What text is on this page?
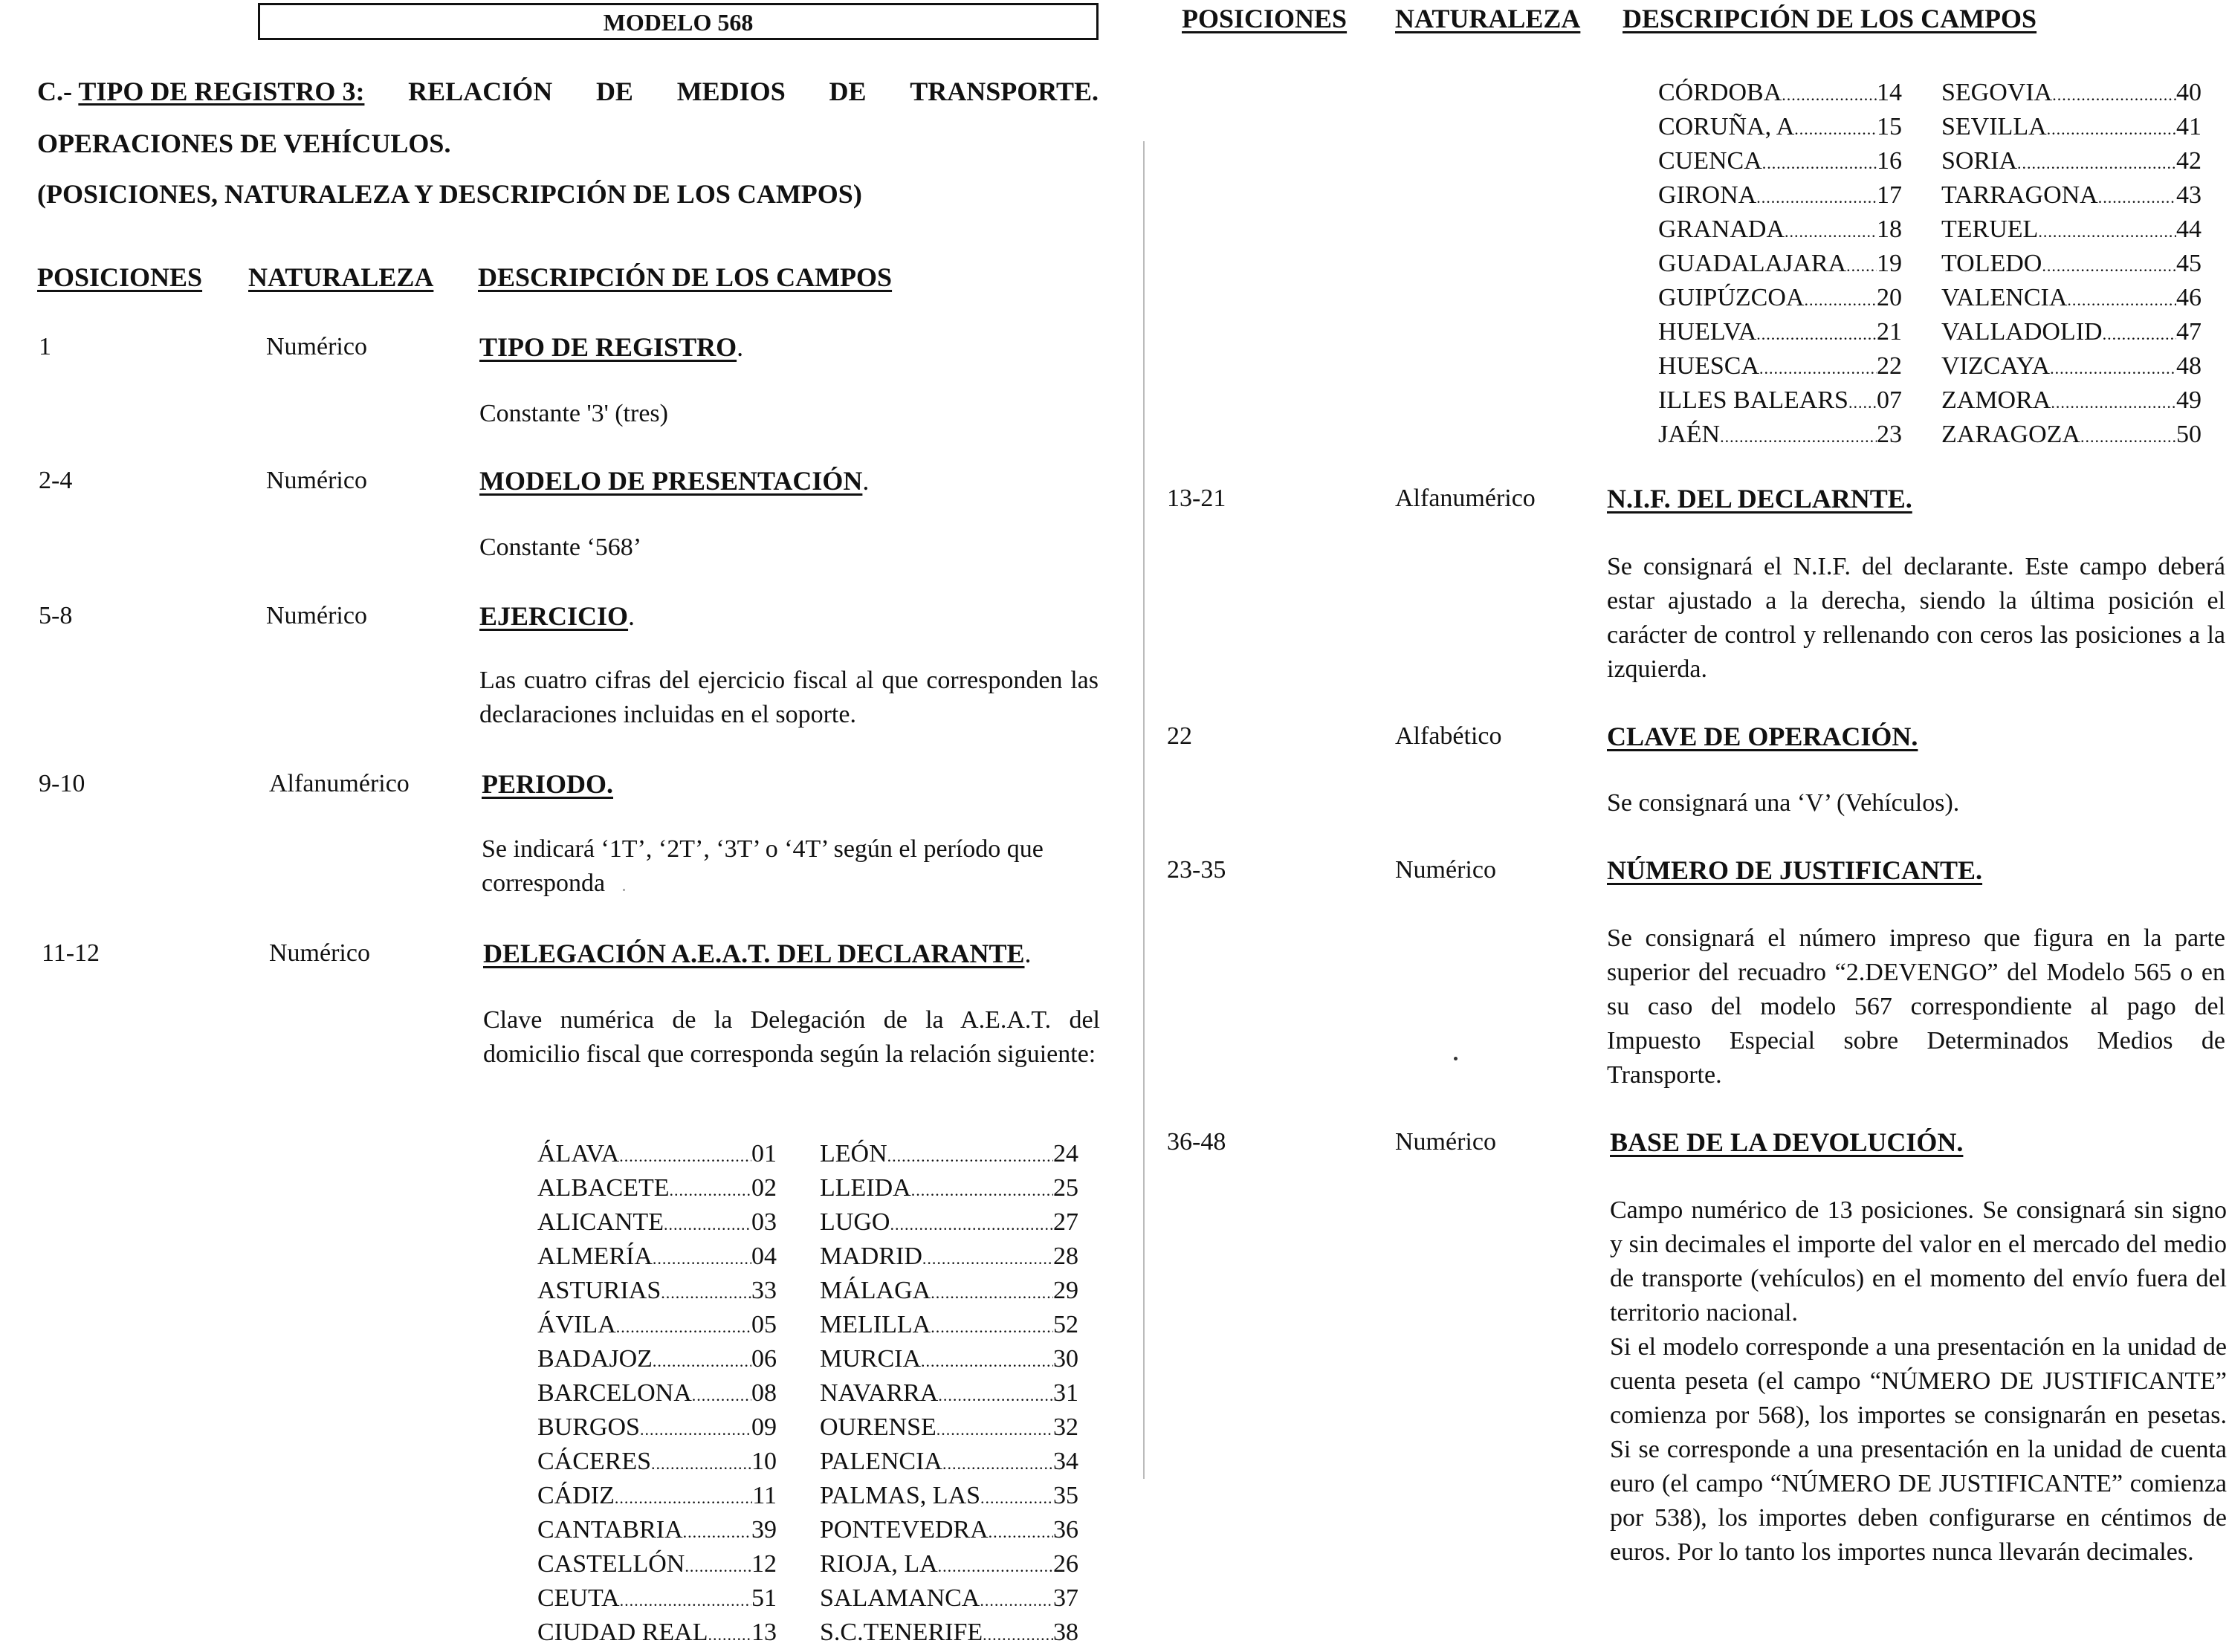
MODELO 568	POSICIONES NATURALEZA DESCRIPCIÓN DE LOS CAMPOS
C.- TIPO DE REGISTRO 3: RELACIÓN DE MEDIOS DE TRANSPORTE.
OPERACIONES DE VEHÍCULOS.
(POSICIONES, NATURALEZA Y DESCRIPCIÓN DE LOS CAMPOS)
POSICIONES NATURALEZA DESCRIPCIÓN DE LOS CAMPOS
1	Numérico	TIPO DE REGISTRO.
Constante '3' (tres)
2-4	Numérico	MODELO DE PRESENTACIÓN.
Constante ‘568’
5-8	Numérico	EJERCICIO.
Las cuatro cifras del ejercicio fiscal al que corresponden las declaraciones incluidas en el soporte.
9-10	Alfanumérico	PERIODO.
Se indicará ‘1T’, ‘2T’, ‘3T’ o ‘4T’ según el período que corresponda
11-12	Numérico	DELEGACIÓN A.E.A.T. DEL DECLARANTE.
Clave numérica de la Delegación de la A.E.A.T. del domicilio fiscal que corresponda según la relación siguiente:
ÁLAVA .....	01
ALBACETE .....	02
ALICANTE .....	03
ALMERÍA .....	04
ASTURIAS .....	33
ÁVILA .....	05
BADAJOZ .....	06
BARCELONA ..... 08
BURGOS .....	09
CÁCERES .....	10
CÁDIZ .....	11
CANTABRIA .....	39
CASTELLÓN .....	12
CEUTA .....	51
CIUDAD REAL ..... 13
LEÓN .....	24
LLEIDA .....	25
LUGO .....	27
MADRID .....	28
MÁLAGA .....	29
MELILLA .....	52
MURCIA .....	30
NAVARRA .....	31
OURENSE .....	32
PALENCIA .....	34
PALMAS, LAS .....	35
PONTEVEDRA .....	36
RIOJA, LA .....	26
SALAMANCA .....	37
S.C.TENERIFE .....	38
CÓRDOBA .....	14
CORUÑA, A .....	15
CUENCA .....	16
GIRONA .....	17
GRANADA .....	18
GUADALAJARA ..... 19
GUIPÚZCOA .....	20
HUELVA .....	21
HUESCA .....	22
ILLES BALEARS ..... 07
JAÉN .....	23
SEGOVIA .....	40
SEVILLA .....	41
SORIA .....	42
TARRAGONA .....	43
TERUEL .....	44
TOLEDO .....	45
VALENCIA .....	46
VALLADOLID .....	47
VIZCAYA .....	48
ZAMORA .....	49
ZARAGOZA .....	50
13-21	Alfanumérico	N.I.F. DEL DECLARNTE.
Se consignará el N.I.F. del declarante. Este campo deberá estar ajustado a la derecha, siendo la última posición el carácter de control y rellenando con ceros las posiciones a la izquierda.
22	Alfabético	CLAVE DE OPERACIÓN.
Se consignará una ‘V’ (Vehículos).
23-35	Numérico	NÚMERO DE JUSTIFICANTE.
Se consignará el número impreso que figura en la parte superior del recuadro “2.DEVENGO” del Modelo 565 o en su caso del modelo 567 correspondiente al pago del Impuesto Especial sobre Determinados Medios de Transporte.
36-48	Numérico	BASE DE LA DEVOLUCIÓN.
Campo numérico de 13 posiciones. Se consignará sin signo y sin decimales el importe del valor en el mercado del medio de transporte (vehículos) en el momento del envío fuera del territorio nacional.
Si el modelo corresponde a una presentación en la unidad de cuenta peseta (el campo “NÚMERO DE JUSTIFICANTE” comienza por 568), los importes se consignarán en pesetas. Si se corresponde a una presentación en la unidad de cuenta euro (el campo “NÚMERO DE JUSTIFICANTE” comienza por 538), los importes deben configurarse en céntimos de euros. Por lo tanto los importes nunca llevarán decimales.
